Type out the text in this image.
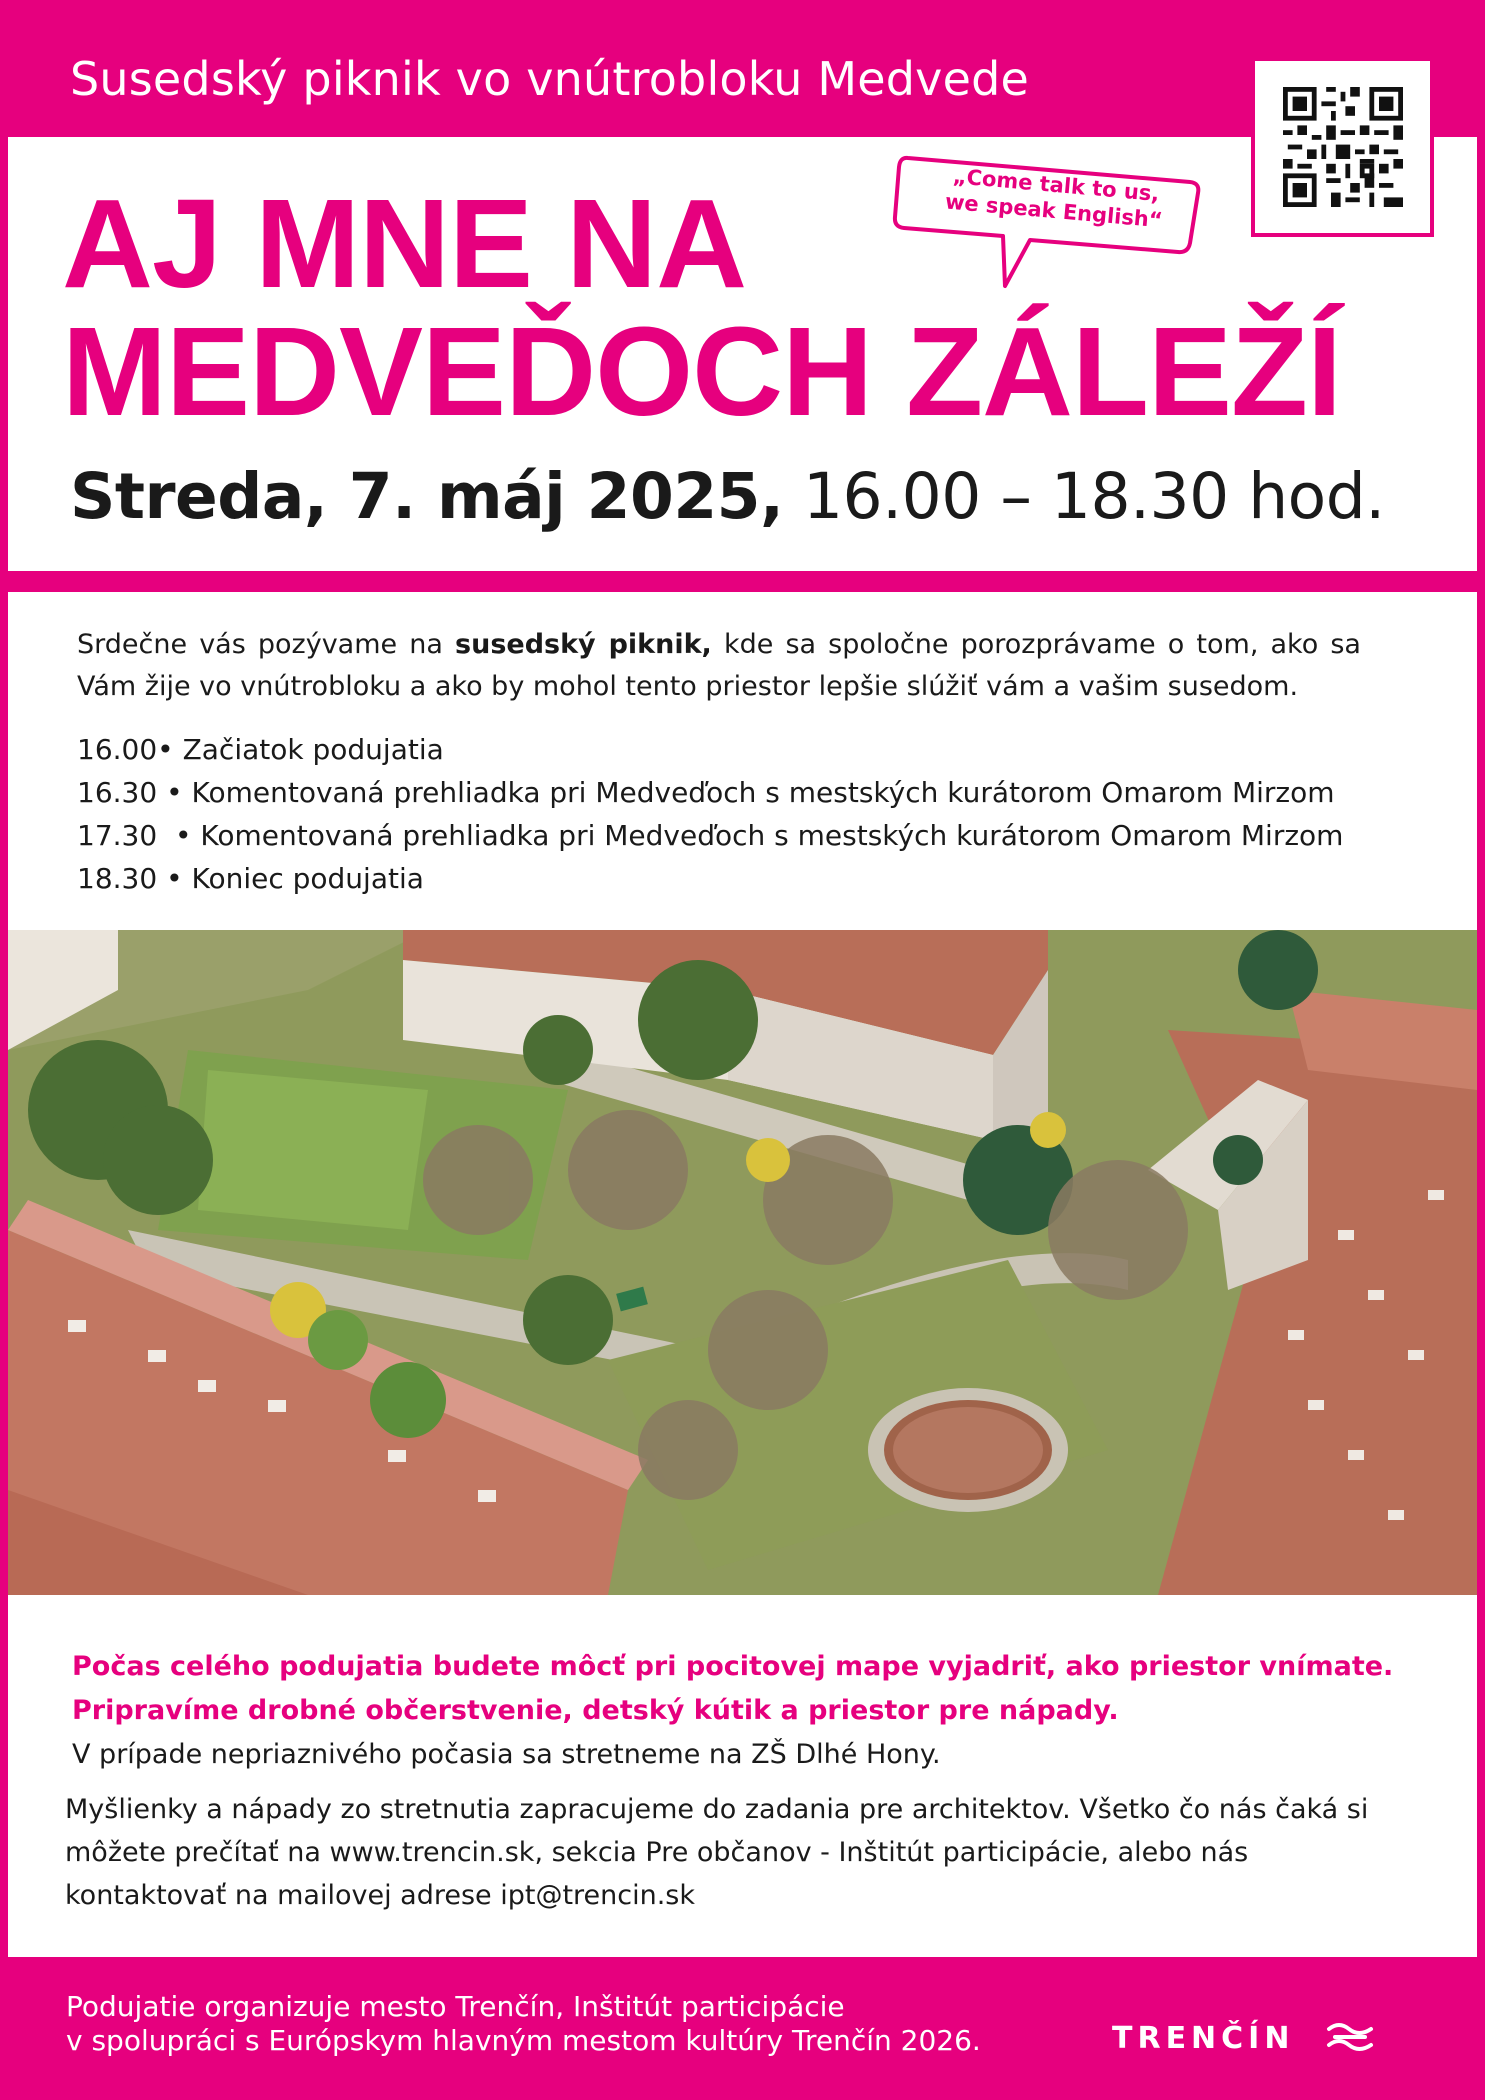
Susedský piknik vo vnútrobloku Medvede
„Come talk to us, we speak English“
AJ MNE NA
MEDVEĎOCH ZÁLEŽÍ
Streda, 7. máj 2025, 16.00 – 18.30 hod.
Srdečne vás pozývame na susedský piknik, kde sa spoločne porozprávame o tom, ako sa Vám žije vo vnútrobloku a ako by mohol tento priestor lepšie slúžiť vám a vašim susedom.
16.00• Začiatok podujatia
16.30 • Komentovaná prehliadka pri Medveďoch s mestských kurátorom Omarom Mirzom
17.30  • Komentovaná prehliadka pri Medveďoch s mestských kurátorom Omarom Mirzom
18.30 • Koniec podujatia
Počas celého podujatia budete môcť pri pocitovej mape vyjadriť, ako priestor vnímate.
Pripravíme drobné občerstvenie, detský kútik a priestor pre nápady.
V prípade nepriaznivého počasia sa stretneme na ZŠ Dlhé Hony.
Myšlienky a nápady zo stretnutia zapracujeme do zadania pre architektov. Všetko čo nás čaká si môžete prečítať na www.trencin.sk, sekcia Pre občanov - Inštitút participácie, alebo nás kontaktovať na mailovej adrese ipt@trencin.sk
Podujatie organizuje mesto Trenčín, Inštitút participácie
v spolupráci s Európskym hlavným mestom kultúry Trenčín 2026.	TRENČÍN
